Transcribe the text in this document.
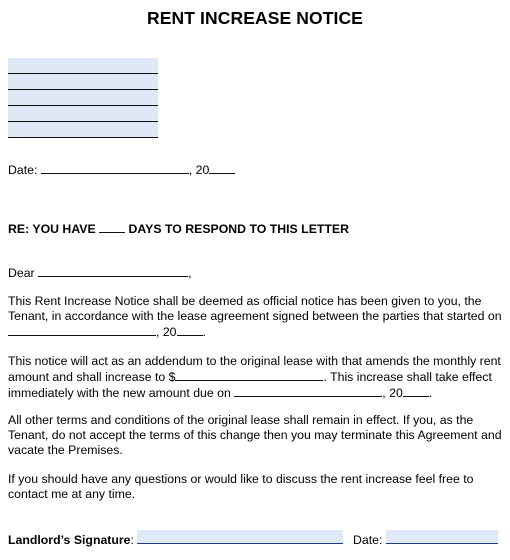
RENT INCREASE NOTICE
Date:	, 20
RE: YOU HAVE	DAYS TO RESPOND TO THIS LETTER
Dear	,
This Rent Increase Notice shall be deemed as official notice has been given to you, the Tenant, in accordance with the lease agreement signed between the parties that started on , 20 .
This notice will act as an addendum to the original lease with that amends the monthly rent amount and shall increase to $	. This increase shall take effect immediately with the new amount due on	, 20 .
All other terms and conditions of the original lease shall remain in effect. If you, as the Tenant, do not accept the terms of this change then you may terminate this Agreement and vacate the Premises.
If you should have any questions or would like to discuss the rent increase feel free to contact me at any time.
Landlord’s Signature:	Date:
